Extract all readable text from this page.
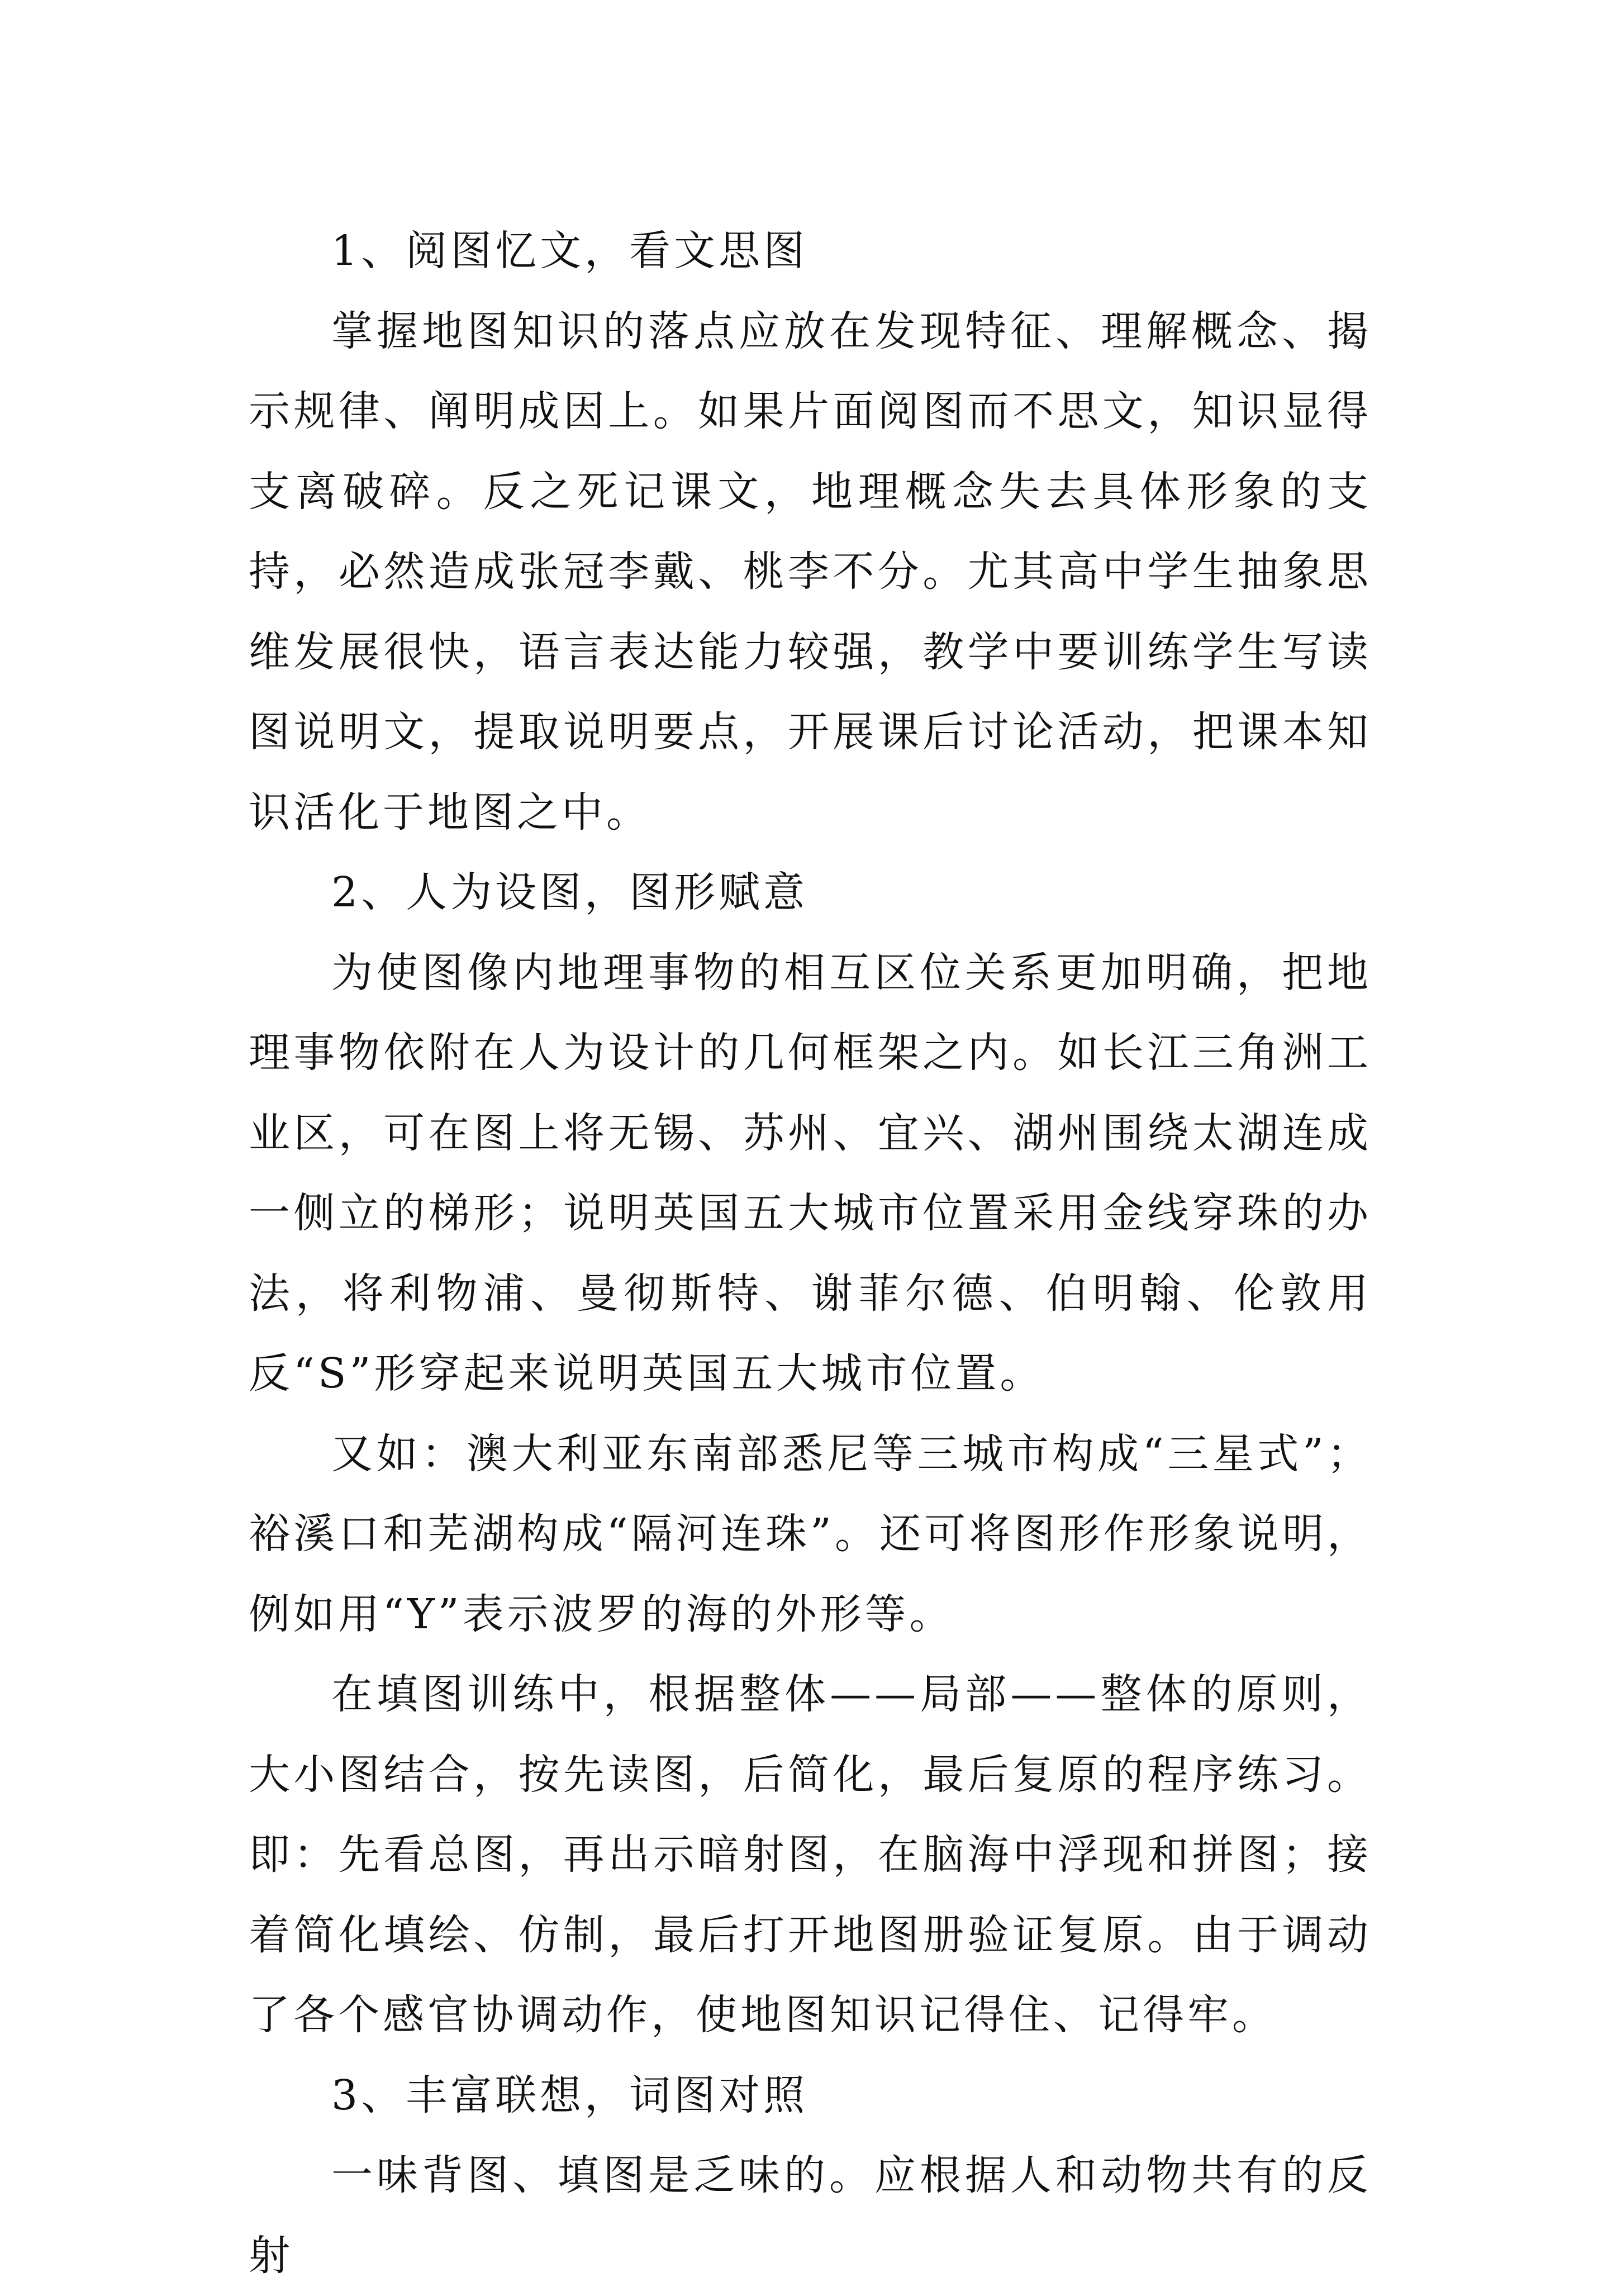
1、阅图忆文，看文思图

掌握地图知识的落点应放在发现特征、理解概念、揭示规律、阐明成因上。如果片面阅图而不思文，知识显得支离破碎。反之死记课文，地理概念失去具体形象的支持，必然造成张冠李戴、桃李不分。尤其高中学生抽象思维发展很快，语言表达能力较强，教学中要训练学生写读图说明文，提取说明要点，开展课后讨论活动，把课本知识活化于地图之中。

2、人为设图，图形赋意

为使图像内地理事物的相互区位关系更加明确，把地理事物依附在人为设计的几何框架之内。如长江三角洲工业区，可在图上将无锡、苏州、宜兴、湖州围绕太湖连成一侧立的梯形；说明英国五大城市位置采用金线穿珠的办法，将利物浦、曼彻斯特、谢菲尔德、伯明翰、伦敦用反“S”形穿起来说明英国五大城市位置。

又如：澳大利亚东南部悉尼等三城市构成“三星式”；裕溪口和芜湖构成“隔河连珠”。还可将图形作形象说明，例如用“Y”表示波罗的海的外形等。

在填图训练中，根据整体——局部——整体的原则，大小图结合，按先读图，后简化，最后复原的程序练习。即：先看总图，再出示暗射图，在脑海中浮现和拼图；接着简化填绘、仿制，最后打开地图册验证复原。由于调动了各个感官协调动作，使地图知识记得住、记得牢。

3、丰富联想，词图对照

一味背图、填图是乏味的。应根据人和动物共有的反射
